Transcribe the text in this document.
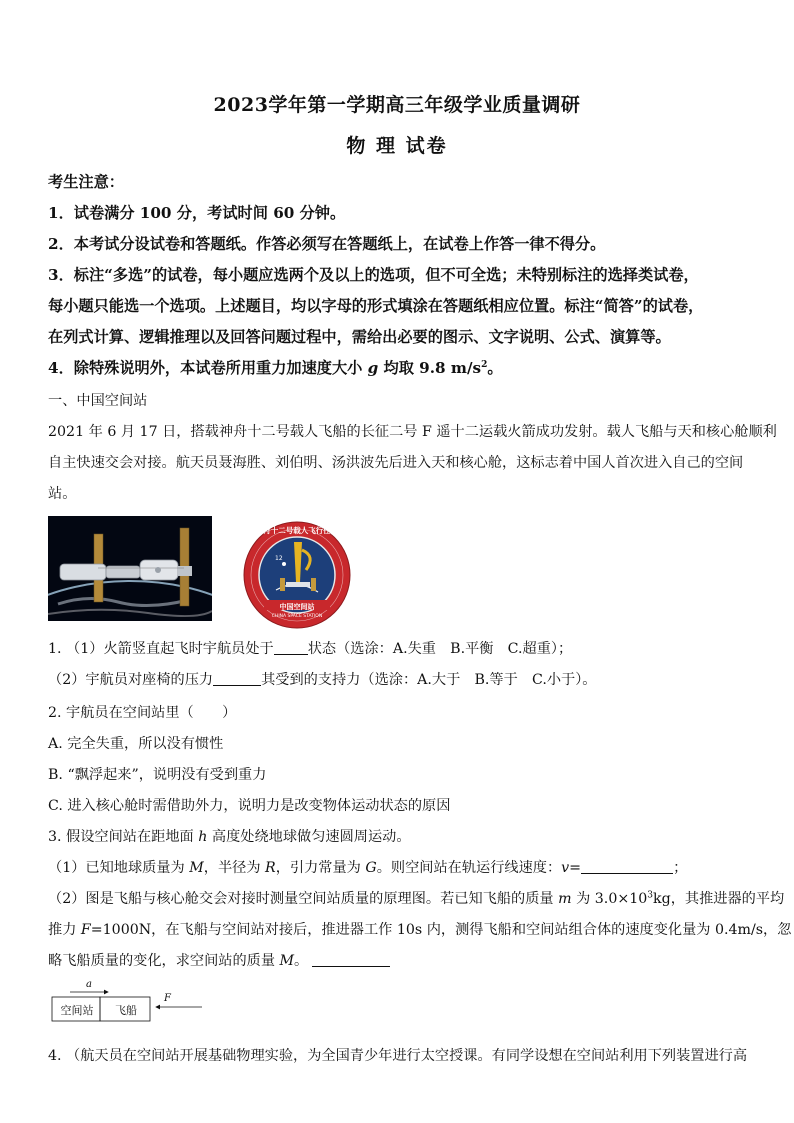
2023学年第一学期高三年级学业质量调研
物 理 试卷
考生注意：
1．试卷满分 100 分，考试时间 60 分钟。
2．本考试分设试卷和答题纸。作答必须写在答题纸上，在试卷上作答一律不得分。
3．标注“多选”的试卷，每小题应选两个及以上的选项，但不可全选；未特别标注的选择类试卷，
每小题只能选一个选项。上述题目，均以字母的形式填涂在答题纸相应位置。标注“简答”的试卷，
在列式计算、逻辑推理以及回答问题过程中，需给出必要的图示、文字说明、公式、演算等。
4．除特殊说明外，本试卷所用重力加速度大小 g 均取 9.8 $m/s^2$。
一、中国空间站
2021 年 6 月 17 日，搭载神舟十二号载人飞船的长征二号 F 遥十二运载火箭成功发射。载人飞船与天和核心舱顺利
自主快速交会对接。航天员聂海胜、刘伯明、汤洪波先后进入天和核心舱，这标志着中国人首次进入自己的空间
站。
12
神舟十二号载人飞行任务
中国空间站
CHINA SPACE STATION
1. （1）火箭竖直起飞时宇航员处于 状态（选涂：A.失重　B.平衡　C.超重）；
（2）宇航员对座椅的压力	其受到的支持力（选涂：A.大于　B.等于　C.小于）。
2. 宇航员在空间站里（　　）
A. 完全失重，所以没有惯性
B. “飘浮起来”，说明没有受到重力
C. 进入核心舱时需借助外力，说明力是改变物体运动状态的原因
3. 假设空间站在距地面 h 高度处绕地球做匀速圆周运动。
（1）已知地球质量为 M，半径为 R，引力常量为 G。则空间站在轨运行线速度：v=	；
（2）图是飞船与核心舱交会对接时测量空间站质量的原理图。若已知飞船的质量 m 为 $3.0\times 10^3kg$，其推进器的平均
推力 F=1000N，在飞船与空间站对接后，推进器工作 10s 内，测得飞船和空间站组合体的速度变化量为 0.4m/s，忽
略飞船质量的变化，求空间站的质量 M。
a
空间站	飞船
F
4. （航天员在空间站开展基础物理实验，为全国青少年进行太空授课。有同学设想在空间站利用下列装置进行高
